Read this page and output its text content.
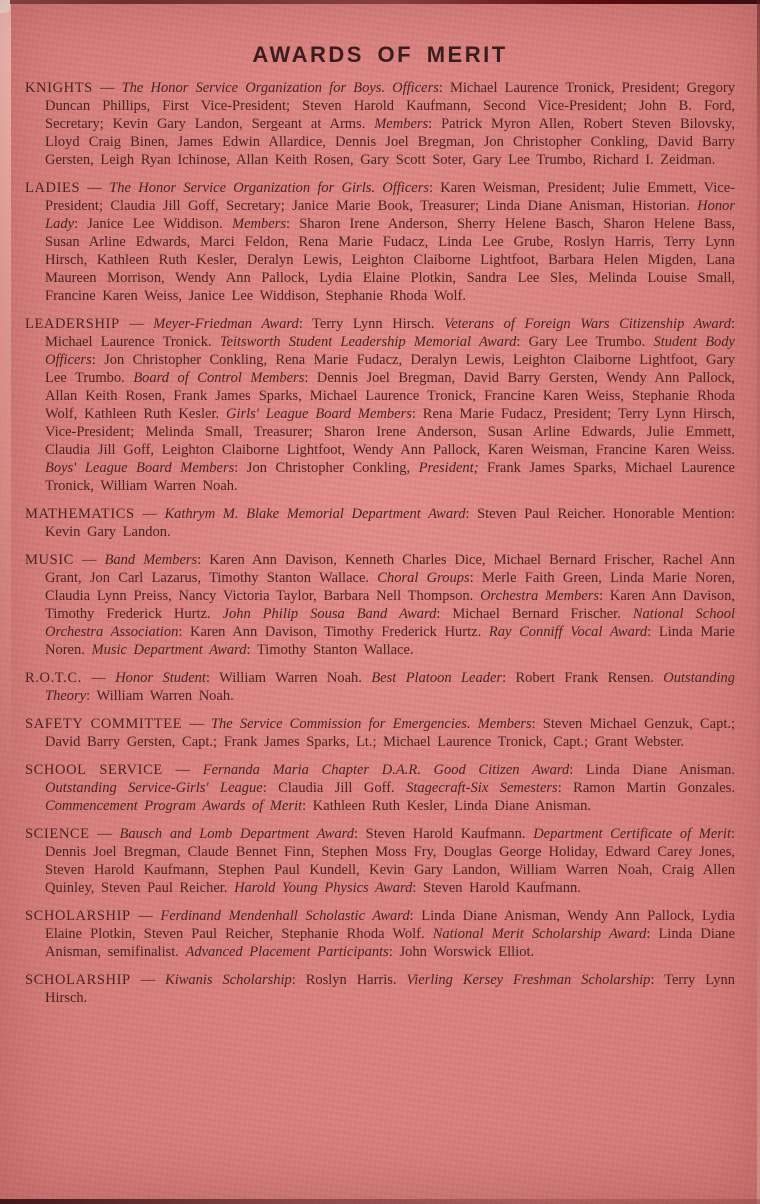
AWARDS OF MERIT

KNIGHTS — The Honor Service Organization for Boys. Officers: Michael Laurence Tronick, President; Gregory Duncan Phillips, First Vice-President; Steven Harold Kaufmann, Second Vice-President; John B. Ford, Secretary; Kevin Gary Landon, Sergeant at Arms. Members: Patrick Myron Allen, Robert Steven Bilovsky, Lloyd Craig Binen, James Edwin Allardice, Dennis Joel Bregman, Jon Christopher Conkling, David Barry Gersten, Leigh Ryan Ichinose, Allan Keith Rosen, Gary Scott Soter, Gary Lee Trumbo, Richard I. Zeidman.

LADIES — The Honor Service Organization for Girls. Officers: Karen Weisman, President; Julie Emmett, Vice-President; Claudia Jill Goff, Secretary; Janice Marie Book, Treasurer; Linda Diane Anisman, Historian. Honor Lady: Janice Lee Widdison. Members: Sharon Irene Anderson, Sherry Helene Basch, Sharon Helene Bass, Susan Arline Edwards, Marci Feldon, Rena Marie Fudacz, Linda Lee Grube, Roslyn Harris, Terry Lynn Hirsch, Kathleen Ruth Kesler, Deralyn Lewis, Leighton Claiborne Lightfoot, Barbara Helen Migden, Lana Maureen Morrison, Wendy Ann Pallock, Lydia Elaine Plotkin, Sandra Lee Sles, Melinda Louise Small, Francine Karen Weiss, Janice Lee Widdison, Stephanie Rhoda Wolf.

LEADERSHIP — Meyer-Friedman Award: Terry Lynn Hirsch. Veterans of Foreign Wars Citizenship Award: Michael Laurence Tronick. Teitsworth Student Leadership Memorial Award: Gary Lee Trumbo. Student Body Officers: Jon Christopher Conkling, Rena Marie Fudacz, Deralyn Lewis, Leighton Claiborne Lightfoot, Gary Lee Trumbo. Board of Control Members: Dennis Joel Bregman, David Barry Gersten, Wendy Ann Pallock, Allan Keith Rosen, Frank James Sparks, Michael Laurence Tronick, Francine Karen Weiss, Stephanie Rhoda Wolf, Kathleen Ruth Kesler. Girls' League Board Members: Rena Marie Fudacz, President; Terry Lynn Hirsch, Vice-President; Melinda Small, Treasurer; Sharon Irene Anderson, Susan Arline Edwards, Julie Emmett, Claudia Jill Goff, Leighton Claiborne Lightfoot, Wendy Ann Pallock, Karen Weisman, Francine Karen Weiss. Boys' League Board Members: Jon Christopher Conkling, President; Frank James Sparks, Michael Laurence Tronick, William Warren Noah.

MATHEMATICS — Kathrym M. Blake Memorial Department Award: Steven Paul Reicher. Honorable Mention: Kevin Gary Landon.

MUSIC — Band Members: Karen Ann Davison, Kenneth Charles Dice, Michael Bernard Frischer, Rachel Ann Grant, Jon Carl Lazarus, Timothy Stanton Wallace. Choral Groups: Merle Faith Green, Linda Marie Noren, Claudia Lynn Preiss, Nancy Victoria Taylor, Barbara Nell Thompson. Orchestra Members: Karen Ann Davison, Timothy Frederick Hurtz. John Philip Sousa Band Award: Michael Bernard Frischer. National School Orchestra Association: Karen Ann Davison, Timothy Frederick Hurtz. Ray Conniff Vocal Award: Linda Marie Noren. Music Department Award: Timothy Stanton Wallace.

R.O.T.C. — Honor Student: William Warren Noah. Best Platoon Leader: Robert Frank Rensen. Outstanding Theory: William Warren Noah.

SAFETY COMMITTEE — The Service Commission for Emergencies. Members: Steven Michael Genzuk, Capt.; David Barry Gersten, Capt.; Frank James Sparks, Lt.; Michael Laurence Tronick, Capt.; Grant Webster.

SCHOOL SERVICE — Fernanda Maria Chapter D.A.R. Good Citizen Award: Linda Diane Anisman. Outstanding Service-Girls' League: Claudia Jill Goff. Stagecraft-Six Semesters: Ramon Martin Gonzales. Commencement Program Awards of Merit: Kathleen Ruth Kesler, Linda Diane Anisman.

SCIENCE — Bausch and Lomb Department Award: Steven Harold Kaufmann. Department Certificate of Merit: Dennis Joel Bregman, Claude Bennet Finn, Stephen Moss Fry, Douglas George Holiday, Edward Carey Jones, Steven Harold Kaufmann, Stephen Paul Kundell, Kevin Gary Landon, William Warren Noah, Craig Allen Quinley, Steven Paul Reicher. Harold Young Physics Award: Steven Harold Kaufmann.

SCHOLARSHIP — Ferdinand Mendenhall Scholastic Award: Linda Diane Anisman, Wendy Ann Pallock, Lydia Elaine Plotkin, Steven Paul Reicher, Stephanie Rhoda Wolf. National Merit Scholarship Award: Linda Diane Anisman, semifinalist. Advanced Placement Participants: John Worswick Elliot.

SCHOLARSHIP — Kiwanis Scholarship: Roslyn Harris. Vierling Kersey Freshman Scholarship: Terry Lynn Hirsch.
